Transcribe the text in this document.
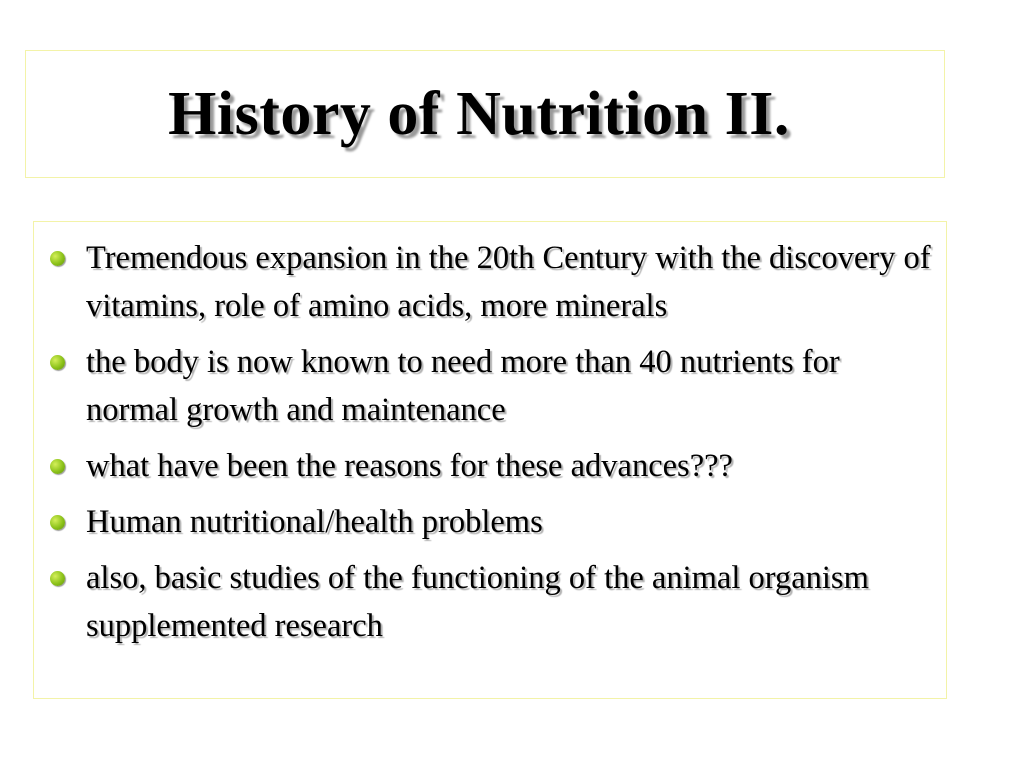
History of Nutrition II.
Tremendous expansion in the 20th Century with the discovery of vitamins, role of amino acids, more minerals
the body is now known to need more than 40 nutrients for normal growth and maintenance
what have been the reasons for these advances???
Human nutritional/health problems
also, basic studies of the functioning of the animal organism supplemented research
